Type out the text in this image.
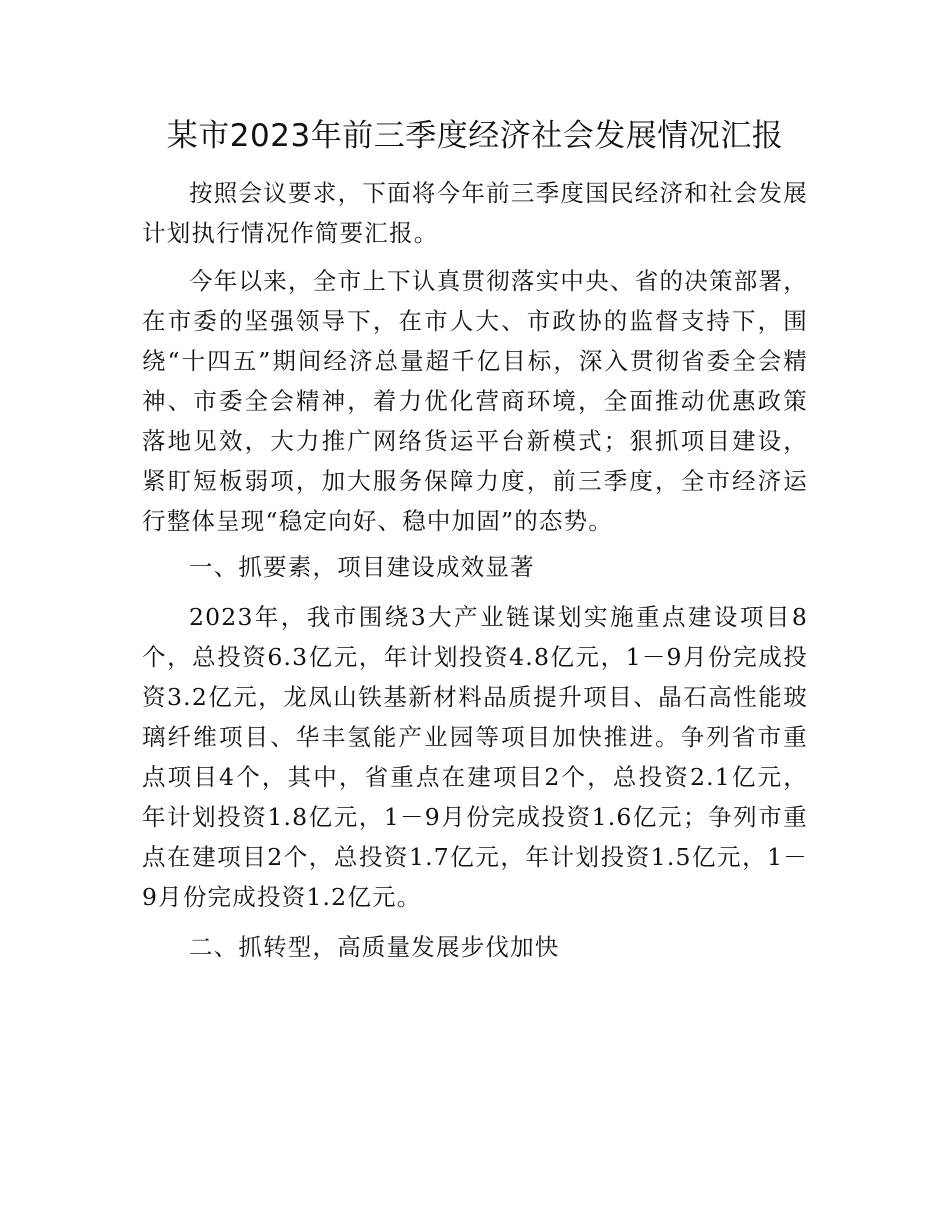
某市2023年前三季度经济社会发展情况汇报

按照会议要求，下面将今年前三季度国民经济和社会发展计划执行情况作简要汇报。

今年以来，全市上下认真贯彻落实中央、省的决策部署，在市委的坚强领导下，在市人大、市政协的监督支持下，围绕“十四五”期间经济总量超千亿目标，深入贯彻省委全会精神、市委全会精神，着力优化营商环境，全面推动优惠政策落地见效，大力推广网络货运平台新模式；狠抓项目建设，紧盯短板弱项，加大服务保障力度，前三季度，全市经济运行整体呈现“稳定向好、稳中加固”的态势。

一、抓要素，项目建设成效显著

2023年，我市围绕3大产业链谋划实施重点建设项目8个，总投资6.3亿元，年计划投资4.8亿元，1－9月份完成投资3.2亿元，龙凤山铁基新材料品质提升项目、晶石高性能玻璃纤维项目、华丰氢能产业园等项目加快推进。争列省市重点项目4个，其中，省重点在建项目2个，总投资2.1亿元，年计划投资1.8亿元，1－9月份完成投资1.6亿元；争列市重点在建项目2个，总投资1.7亿元，年计划投资1.5亿元，1－9月份完成投资1.2亿元。

二、抓转型，高质量发展步伐加快
